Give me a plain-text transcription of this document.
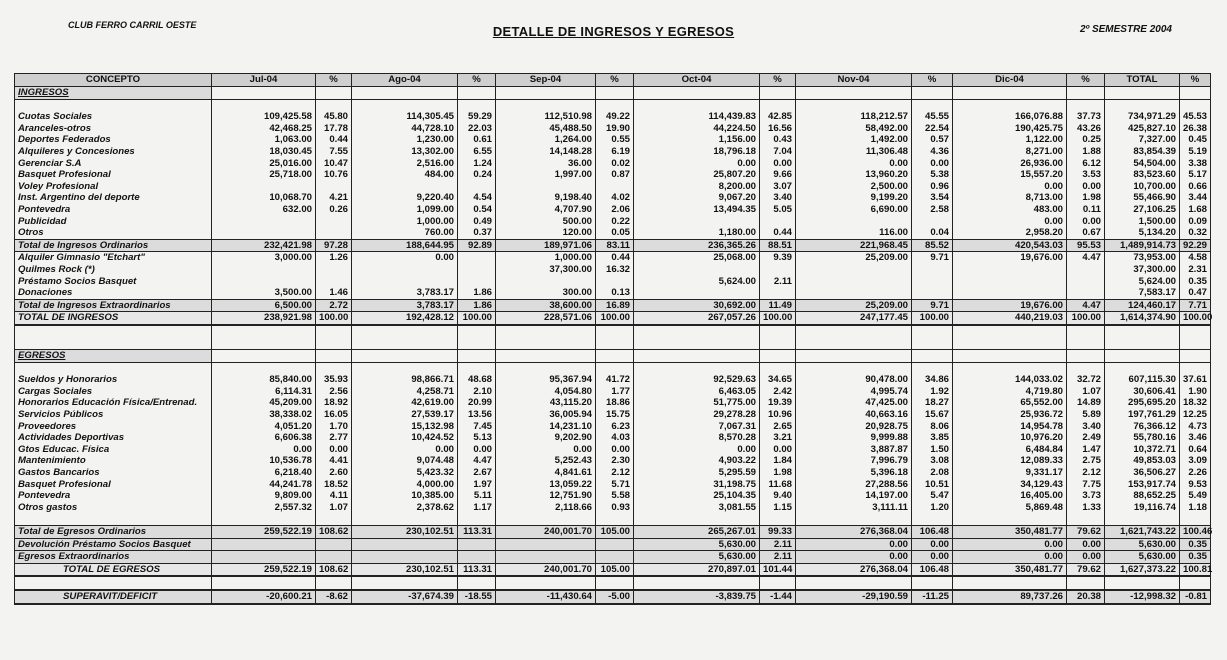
CLUB FERRO CARRIL OESTE	DETALLE DE INGRESOS Y EGRESOS	2º SEMESTRE 2004
CONCEPTO	Jul-04	%	Ago-04	%	Sep-04	%	Oct-04	%	Nov-04	%	Dic-04	%	TOTAL	%
INGRESOS														

Cuotas Sociales	109,425.58	45.80	114,305.45	59.29	112,510.98	49.22	114,439.83	42.85	118,212.57	45.55	166,076.88	37.73	734,971.29	45.53
Aranceles-otros	42,468.25	17.78	44,728.10	22.03	45,488.50	19.90	44,224.50	16.56	58,492.00	22.54	190,425.75	43.26	425,827.10	26.38
Deportes Federados	1,063.00	0.44	1,230.00	0.61	1,264.00	0.55	1,156.00	0.43	1,492.00	0.57	1,122.00	0.25	7,327.00	0.45
Alquileres y Concesiones	18,030.45	7.55	13,302.00	6.55	14,148.28	6.19	18,796.18	7.04	11,306.48	4.36	8,271.00	1.88	83,854.39	5.19
Gerenciar S.A	25,016.00	10.47	2,516.00	1.24	36.00	0.02	0.00	0.00	0.00	0.00	26,936.00	6.12	54,504.00	3.38
Basquet Profesional	25,718.00	10.76	484.00	0.24	1,997.00	0.87	25,807.20	9.66	13,960.20	5.38	15,557.20	3.53	83,523.60	5.17
Voley Profesional							8,200.00	3.07	2,500.00	0.96	0.00	0.00	10,700.00	0.66
Inst. Argentino del deporte	10,068.70	4.21	9,220.40	4.54	9,198.40	4.02	9,067.20	3.40	9,199.20	3.54	8,713.00	1.98	55,466.90	3.44
Pontevedra	632.00	0.26	1,099.00	0.54	4,707.90	2.06	13,494.35	5.05	6,690.00	2.58	483.00	0.11	27,106.25	1.68
Publicidad			1,000.00	0.49	500.00	0.22					0.00	0.00	1,500.00	0.09
Otros			760.00	0.37	120.00	0.05	1,180.00	0.44	116.00	0.04	2,958.20	0.67	5,134.20	0.32
Total de Ingresos Ordinarios	232,421.98	97.28	188,644.95	92.89	189,971.06	83.11	236,365.26	88.51	221,968.45	85.52	420,543.03	95.53	1,489,914.73	92.29
Alquiler Gimnasio "Etchart"	3,000.00	1.26	0.00		1,000.00	0.44	25,068.00	9.39	25,209.00	9.71	19,676.00	4.47	73,953.00	4.58
Quilmes Rock (*)					37,300.00	16.32							37,300.00	2.31
Préstamo Socios Basquet							5,624.00	2.11					5,624.00	0.35
Donaciones	3,500.00	1.46	3,783.17	1.86	300.00	0.13							7,583.17	0.47
Total de Ingresos Extraordinarios	6,500.00	2.72	3,783.17	1.86	38,600.00	16.89	30,692.00	11.49	25,209.00	9.71	19,676.00	4.47	124,460.17	7.71
TOTAL DE INGRESOS	238,921.98	100.00	192,428.12	100.00	228,571.06	100.00	267,057.26	100.00	247,177.45	100.00	440,219.03	100.00	1,614,374.90	100.00

EGRESOS														

Sueldos y Honorarios	85,840.00	35.93	98,866.71	48.68	95,367.94	41.72	92,529.63	34.65	90,478.00	34.86	144,033.02	32.72	607,115.30	37.61
Cargas Sociales	6,114.31	2.56	4,258.71	2.10	4,054.80	1.77	6,463.05	2.42	4,995.74	1.92	4,719.80	1.07	30,606.41	1.90
Honorarios Educación Física/Entrenad.	45,209.00	18.92	42,619.00	20.99	43,115.20	18.86	51,775.00	19.39	47,425.00	18.27	65,552.00	14.89	295,695.20	18.32
Servicios Públicos	38,338.02	16.05	27,539.17	13.56	36,005.94	15.75	29,278.28	10.96	40,663.16	15.67	25,936.72	5.89	197,761.29	12.25
Proveedores	4,051.20	1.70	15,132.98	7.45	14,231.10	6.23	7,067.31	2.65	20,928.75	8.06	14,954.78	3.40	76,366.12	4.73
Actividades Deportivas	6,606.38	2.77	10,424.52	5.13	9,202.90	4.03	8,570.28	3.21	9,999.88	3.85	10,976.20	2.49	55,780.16	3.46
Gtos Educac. Física	0.00	0.00	0.00	0.00	0.00	0.00	0.00	0.00	3,887.87	1.50	6,484.84	1.47	10,372.71	0.64
Mantenimiento	10,536.78	4.41	9,074.48	4.47	5,252.43	2.30	4,903.22	1.84	7,996.79	3.08	12,089.33	2.75	49,853.03	3.09
Gastos Bancarios	6,218.40	2.60	5,423.32	2.67	4,841.61	2.12	5,295.59	1.98	5,396.18	2.08	9,331.17	2.12	36,506.27	2.26
Basquet Profesional	44,241.78	18.52	4,000.00	1.97	13,059.22	5.71	31,198.75	11.68	27,288.56	10.51	34,129.43	7.75	153,917.74	9.53
Pontevedra	9,809.00	4.11	10,385.00	5.11	12,751.90	5.58	25,104.35	9.40	14,197.00	5.47	16,405.00	3.73	88,652.25	5.49
Otros gastos	2,557.32	1.07	2,378.62	1.17	2,118.66	0.93	3,081.55	1.15	3,111.11	1.20	5,869.48	1.33	19,116.74	1.18

Total de Egresos Ordinarios	259,522.19	108.62	230,102.51	113.31	240,001.70	105.00	265,267.01	99.33	276,368.04	106.48	350,481.77	79.62	1,621,743.22	100.46
Devolución Préstamo Socios Basquet							5,630.00	2.11	0.00	0.00	0.00	0.00	5,630.00	0.35
Egresos Extraordinarios							5,630.00	2.11	0.00	0.00	0.00	0.00	5,630.00	0.35
TOTAL DE EGRESOS	259,522.19	108.62	230,102.51	113.31	240,001.70	105.00	270,897.01	101.44	276,368.04	106.48	350,481.77	79.62	1,627,373.22	100.81

SUPERAVIT/DEFICIT	-20,600.21	-8.62	-37,674.39	-18.55	-11,430.64	-5.00	-3,839.75	-1.44	-29,190.59	-11.25	89,737.26	20.38	-12,998.32	-0.81
